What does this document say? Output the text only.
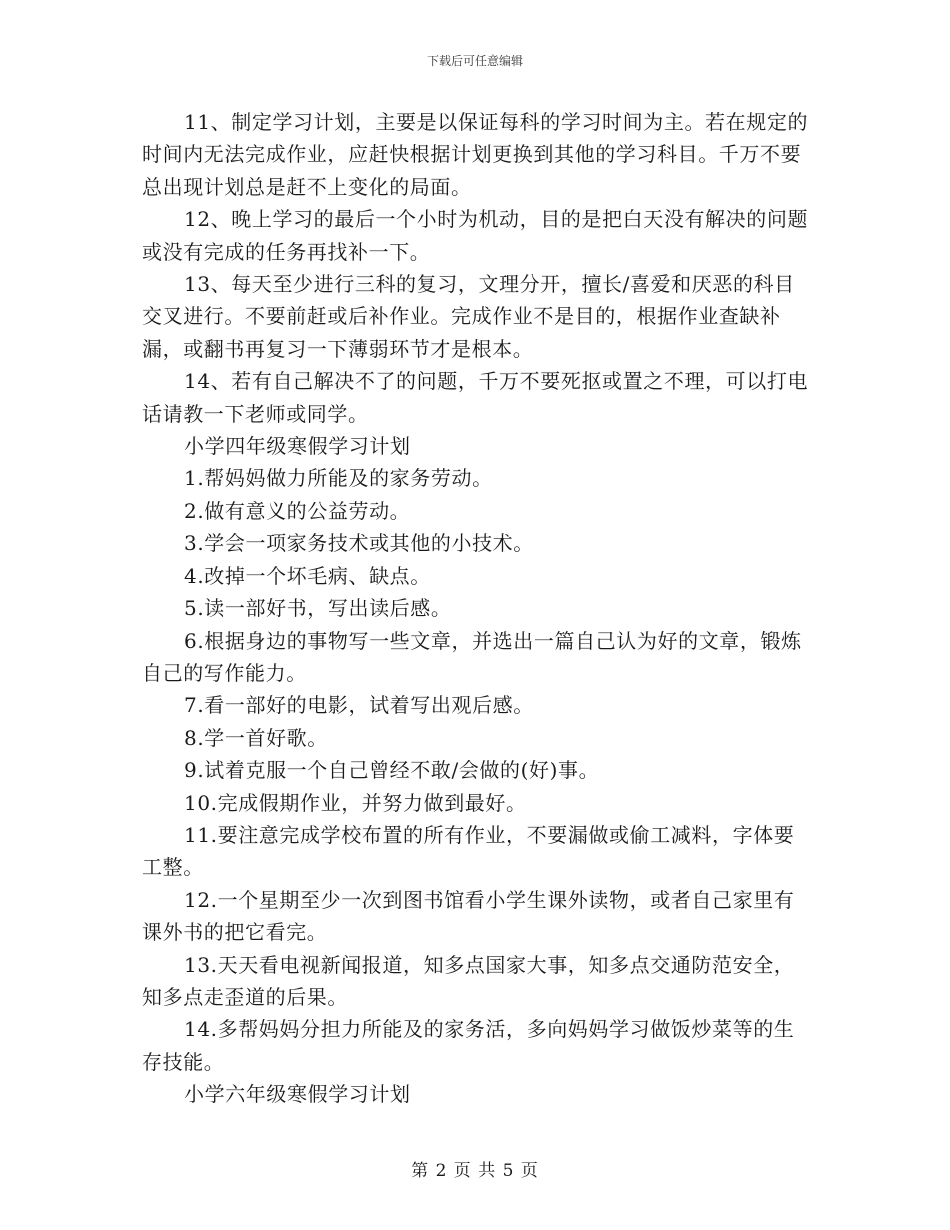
下载后可任意编辑

11、制定学习计划，主要是以保证每科的学习时间为主。若在规定的时间内无法完成作业，应赶快根据计划更换到其他的学习科目。千万不要总出现计划总是赶不上变化的局面。

12、晚上学习的最后一个小时为机动，目的是把白天没有解决的问题或没有完成的任务再找补一下。

13、每天至少进行三科的复习，文理分开，擅长/喜爱和厌恶的科目交叉进行。不要前赶或后补作业。完成作业不是目的，根据作业查缺补漏，或翻书再复习一下薄弱环节才是根本。

14、若有自己解决不了的问题，千万不要死抠或置之不理，可以打电话请教一下老师或同学。

小学四年级寒假学习计划

1.帮妈妈做力所能及的家务劳动。

2.做有意义的公益劳动。

3.学会一项家务技术或其他的小技术。

4.改掉一个坏毛病、缺点。

5.读一部好书，写出读后感。

6.根据身边的事物写一些文章，并选出一篇自己认为好的文章，锻炼自己的写作能力。

7.看一部好的电影，试着写出观后感。

8.学一首好歌。

9.试着克服一个自己曾经不敢/会做的(好)事。

10.完成假期作业，并努力做到最好。

11.要注意完成学校布置的所有作业，不要漏做或偷工减料，字体要工整。

12.一个星期至少一次到图书馆看小学生课外读物，或者自己家里有课外书的把它看完。

13.天天看电视新闻报道，知多点国家大事，知多点交通防范安全，知多点走歪道的后果。

14.多帮妈妈分担力所能及的家务活，多向妈妈学习做饭炒菜等的生存技能。

小学六年级寒假学习计划

第 2 页 共 5 页
